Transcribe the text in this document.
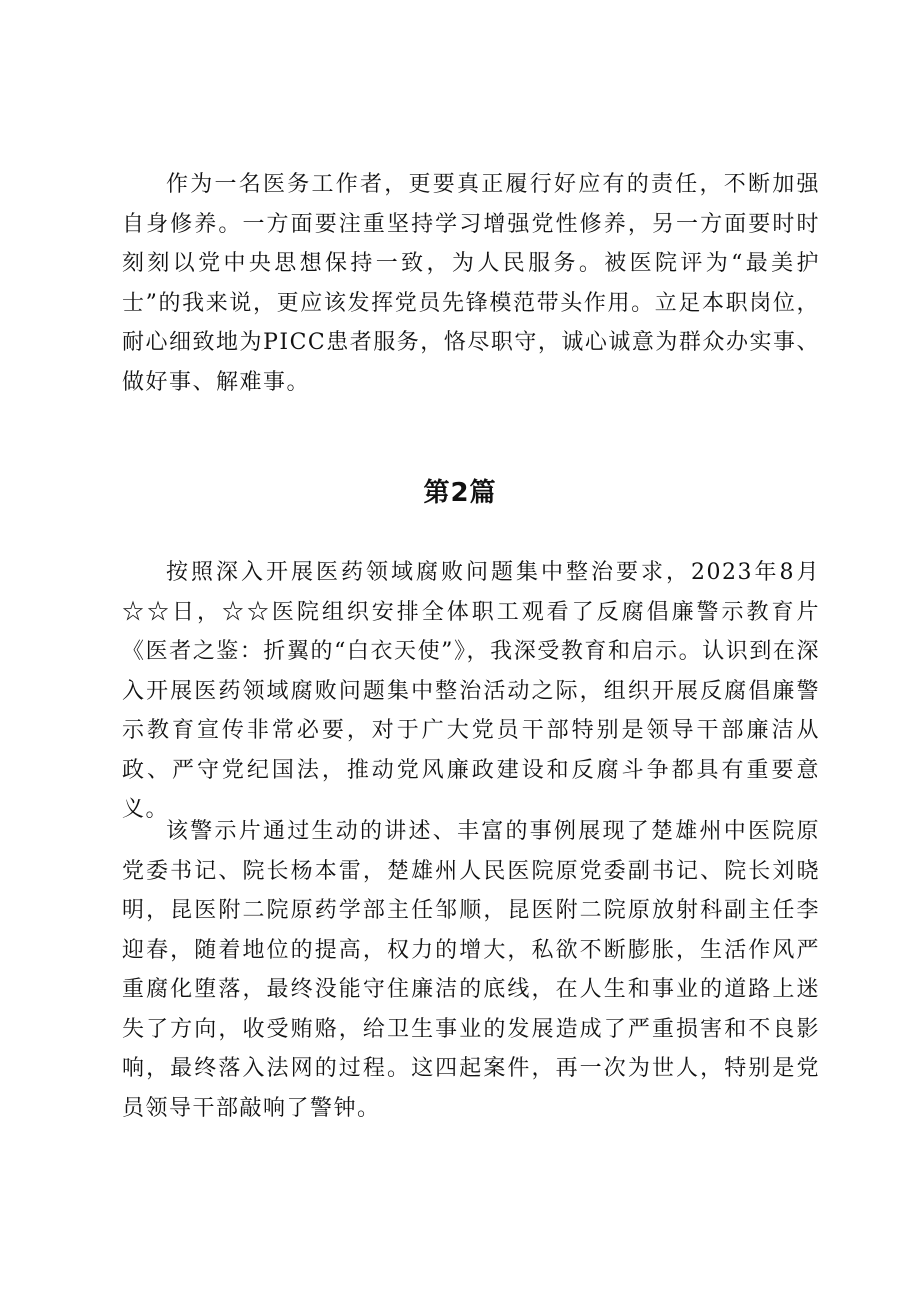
作为一名医务工作者，更要真正履行好应有的责任，不断加强自身修养。一方面要注重坚持学习增强党性修养，另一方面要时时刻刻以党中央思想保持一致，为人民服务。被医院评为“最美护士”的我来说，更应该发挥党员先锋模范带头作用。立足本职岗位，耐心细致地为PICC患者服务，恪尽职守，诚心诚意为群众办实事、做好事、解难事。

第2篇

按照深入开展医药领域腐败问题集中整治要求，2023年8月☆☆日，☆☆医院组织安排全体职工观看了反腐倡廉警示教育片《医者之鉴：折翼的“白衣天使”》，我深受教育和启示。认识到在深入开展医药领域腐败问题集中整治活动之际，组织开展反腐倡廉警示教育宣传非常必要，对于广大党员干部特别是领导干部廉洁从政、严守党纪国法，推动党风廉政建设和反腐斗争都具有重要意义。

该警示片通过生动的讲述、丰富的事例展现了楚雄州中医院原党委书记、院长杨本雷，楚雄州人民医院原党委副书记、院长刘晓明，昆医附二院原药学部主任邹顺，昆医附二院原放射科副主任李迎春，随着地位的提高，权力的增大，私欲不断膨胀，生活作风严重腐化堕落，最终没能守住廉洁的底线，在人生和事业的道路上迷失了方向，收受贿赂，给卫生事业的发展造成了严重损害和不良影响，最终落入法网的过程。这四起案件，再一次为世人，特别是党员领导干部敲响了警钟。
